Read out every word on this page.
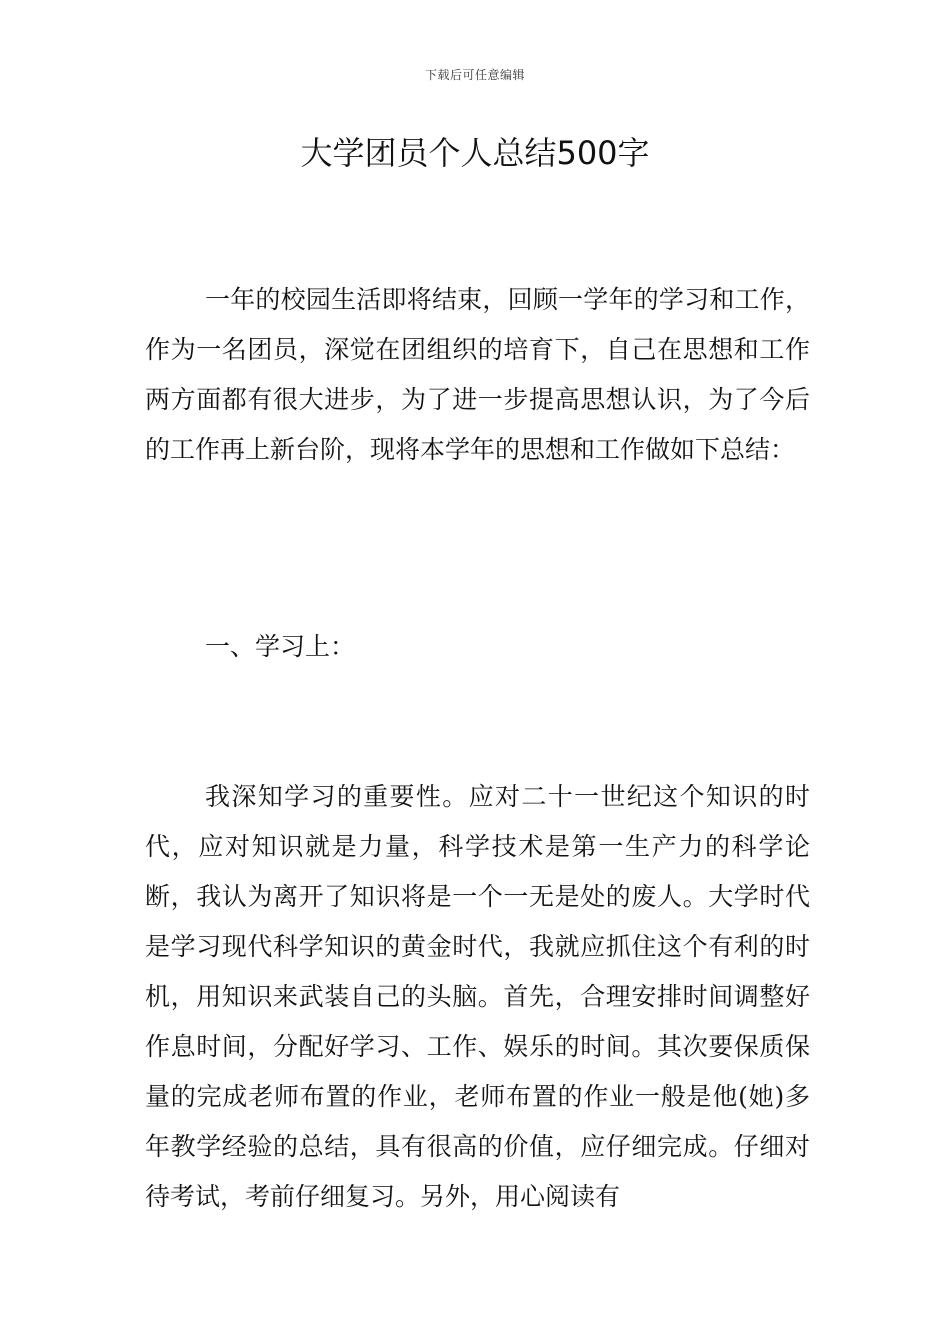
下载后可任意编辑
大学团员个人总结500字

一年的校园生活即将结束，回顾一学年的学习和工作，作为一名团员，深觉在团组织的培育下，自己在思想和工作两方面都有很大进步，为了进一步提高思想认识，为了今后的工作再上新台阶，现将本学年的思想和工作做如下总结：

一、学习上：

我深知学习的重要性。应对二十一世纪这个知识的时代，应对知识就是力量，科学技术是第一生产力的科学论断，我认为离开了知识将是一个一无是处的废人。大学时代是学习现代科学知识的黄金时代，我就应抓住这个有利的时机，用知识来武装自己的头脑。首先，合理安排时间调整好作息时间，分配好学习、工作、娱乐的时间。其次要保质保量的完成老师布置的作业，老师布置的作业一般是他(她)多年教学经验的总结，具有很高的价值，应仔细完成。仔细对待考试，考前仔细复习。另外，用心阅读有
